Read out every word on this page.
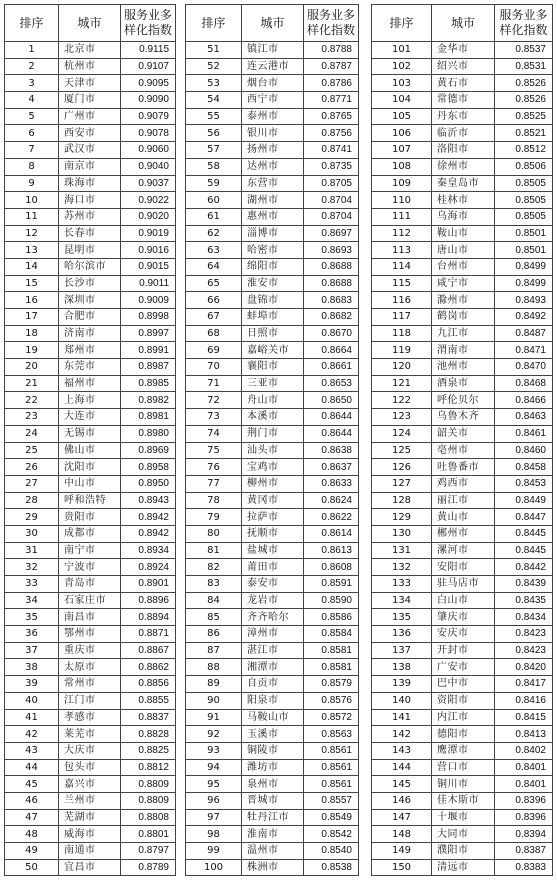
排序	城市	服务业多样化指数
1	北京市	0.9115
2	杭州市	0.9107
3	天津市	0.9095
4	厦门市	0.9090
5	广州市	0.9079
6	西安市	0.9078
7	武汉市	0.9060
8	南京市	0.9040
9	珠海市	0.9037
10	海口市	0.9022
11	苏州市	0.9020
12	长春市	0.9019
13	昆明市	0.9016
14	哈尔滨市	0.9015
15	长沙市	0.9011
16	深圳市	0.9009
17	合肥市	0.8998
18	济南市	0.8997
19	郑州市	0.8991
20	东莞市	0.8987
21	福州市	0.8985
22	上海市	0.8982
23	大连市	0.8981
24	无锡市	0.8980
25	佛山市	0.8969
26	沈阳市	0.8958
27	中山市	0.8950
28	呼和浩特	0.8943
29	贵阳市	0.8942
30	成都市	0.8942
31	南宁市	0.8934
32	宁波市	0.8924
33	青岛市	0.8901
34	石家庄市	0.8896
35	南昌市	0.8894
36	鄂州市	0.8871
37	重庆市	0.8867
38	太原市	0.8862
39	常州市	0.8856
40	江门市	0.8855
41	孝感市	0.8837
42	莱芜市	0.8828
43	大庆市	0.8825
44	包头市	0.8812
45	嘉兴市	0.8809
46	兰州市	0.8809
47	芜湖市	0.8808
48	威海市	0.8801
49	南通市	0.8797
50	宜昌市	0.8789
排序	城市	服务业多样化指数
51	镇江市	0.8788
52	连云港市	0.8787
53	烟台市	0.8786
54	西宁市	0.8771
55	泰州市	0.8765
56	银川市	0.8756
57	扬州市	0.8741
58	达州市	0.8735
59	东营市	0.8705
60	湖州市	0.8704
61	惠州市	0.8704
62	淄博市	0.8697
63	哈密市	0.8693
64	绵阳市	0.8688
65	淮安市	0.8688
66	盘锦市	0.8683
67	蚌埠市	0.8682
68	日照市	0.8670
69	嘉峪关市	0.8664
70	襄阳市	0.8661
71	三亚市	0.8653
72	舟山市	0.8650
73	本溪市	0.8644
74	荆门市	0.8644
75	汕头市	0.8638
76	宝鸡市	0.8637
77	柳州市	0.8633
78	黄冈市	0.8624
79	拉萨市	0.8622
80	抚顺市	0.8614
81	盐城市	0.8613
82	莆田市	0.8608
83	泰安市	0.8591
84	龙岩市	0.8590
85	齐齐哈尔	0.8586
86	漳州市	0.8584
87	湛江市	0.8581
88	湘潭市	0.8581
89	自贡市	0.8579
90	阳泉市	0.8576
91	马鞍山市	0.8572
92	玉溪市	0.8563
93	铜陵市	0.8561
94	潍坊市	0.8561
95	泉州市	0.8561
96	晋城市	0.8557
97	牡丹江市	0.8549
98	淮南市	0.8542
99	温州市	0.8540
100	株洲市	0.8538
排序	城市	服务业多样化指数
101	金华市	0.8537
102	绍兴市	0.8531
103	黄石市	0.8526
104	常德市	0.8526
105	丹东市	0.8525
106	临沂市	0.8521
107	洛阳市	0.8512
108	徐州市	0.8506
109	秦皇岛市	0.8505
110	桂林市	0.8505
111	乌海市	0.8505
112	鞍山市	0.8501
113	唐山市	0.8501
114	台州市	0.8499
115	咸宁市	0.8499
116	滁州市	0.8493
117	鹤岗市	0.8492
118	九江市	0.8487
119	渭南市	0.8471
120	池州市	0.8470
121	酒泉市	0.8468
122	呼伦贝尔	0.8466
123	乌鲁木齐	0.8463
124	韶关市	0.8461
125	亳州市	0.8460
126	吐鲁番市	0.8458
127	鸡西市	0.8453
128	丽江市	0.8449
129	黄山市	0.8447
130	郴州市	0.8445
131	漯河市	0.8445
132	安阳市	0.8442
133	驻马店市	0.8439
134	白山市	0.8435
135	肇庆市	0.8434
136	安庆市	0.8423
137	开封市	0.8423
138	广安市	0.8420
139	巴中市	0.8417
140	资阳市	0.8416
141	内江市	0.8415
142	德阳市	0.8413
143	鹰潭市	0.8402
144	营口市	0.8401
145	铜川市	0.8401
146	佳木斯市	0.8396
147	十堰市	0.8396
148	大同市	0.8394
149	濮阳市	0.8387
150	清远市	0.8383
